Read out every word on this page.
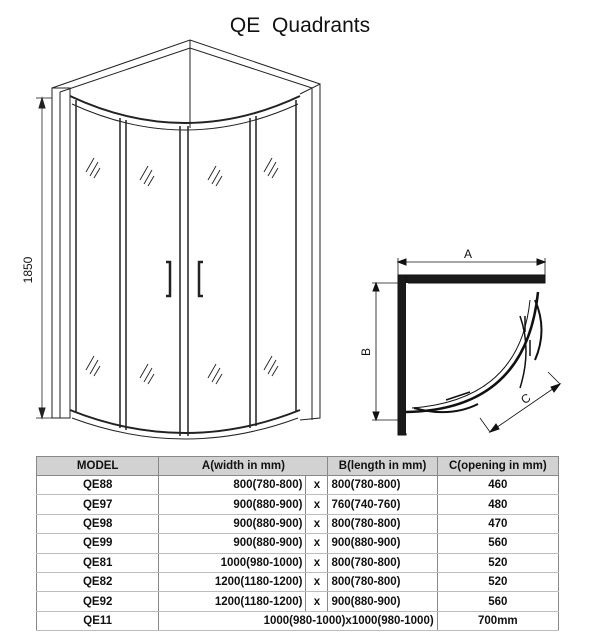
QE Quadrants
1850
A
B
C
MODEL	A(width in mm)		B(length in mm)	C(opening in mm)
QE88	800(780-800)	x	800(780-800)	460
QE97	900(880-900)	x	760(740-760)	480
QE98	900(880-900)	x	800(780-800)	470
QE99	900(880-900)	x	900(880-900)	560
QE81	1000(980-1000)	x	800(780-800)	520
QE82	1200(1180-1200)	x	800(780-800)	520
QE92	1200(1180-1200)	x	900(880-900)	560
QE11	1000(980-1000)x1000(980-1000)			700mm
